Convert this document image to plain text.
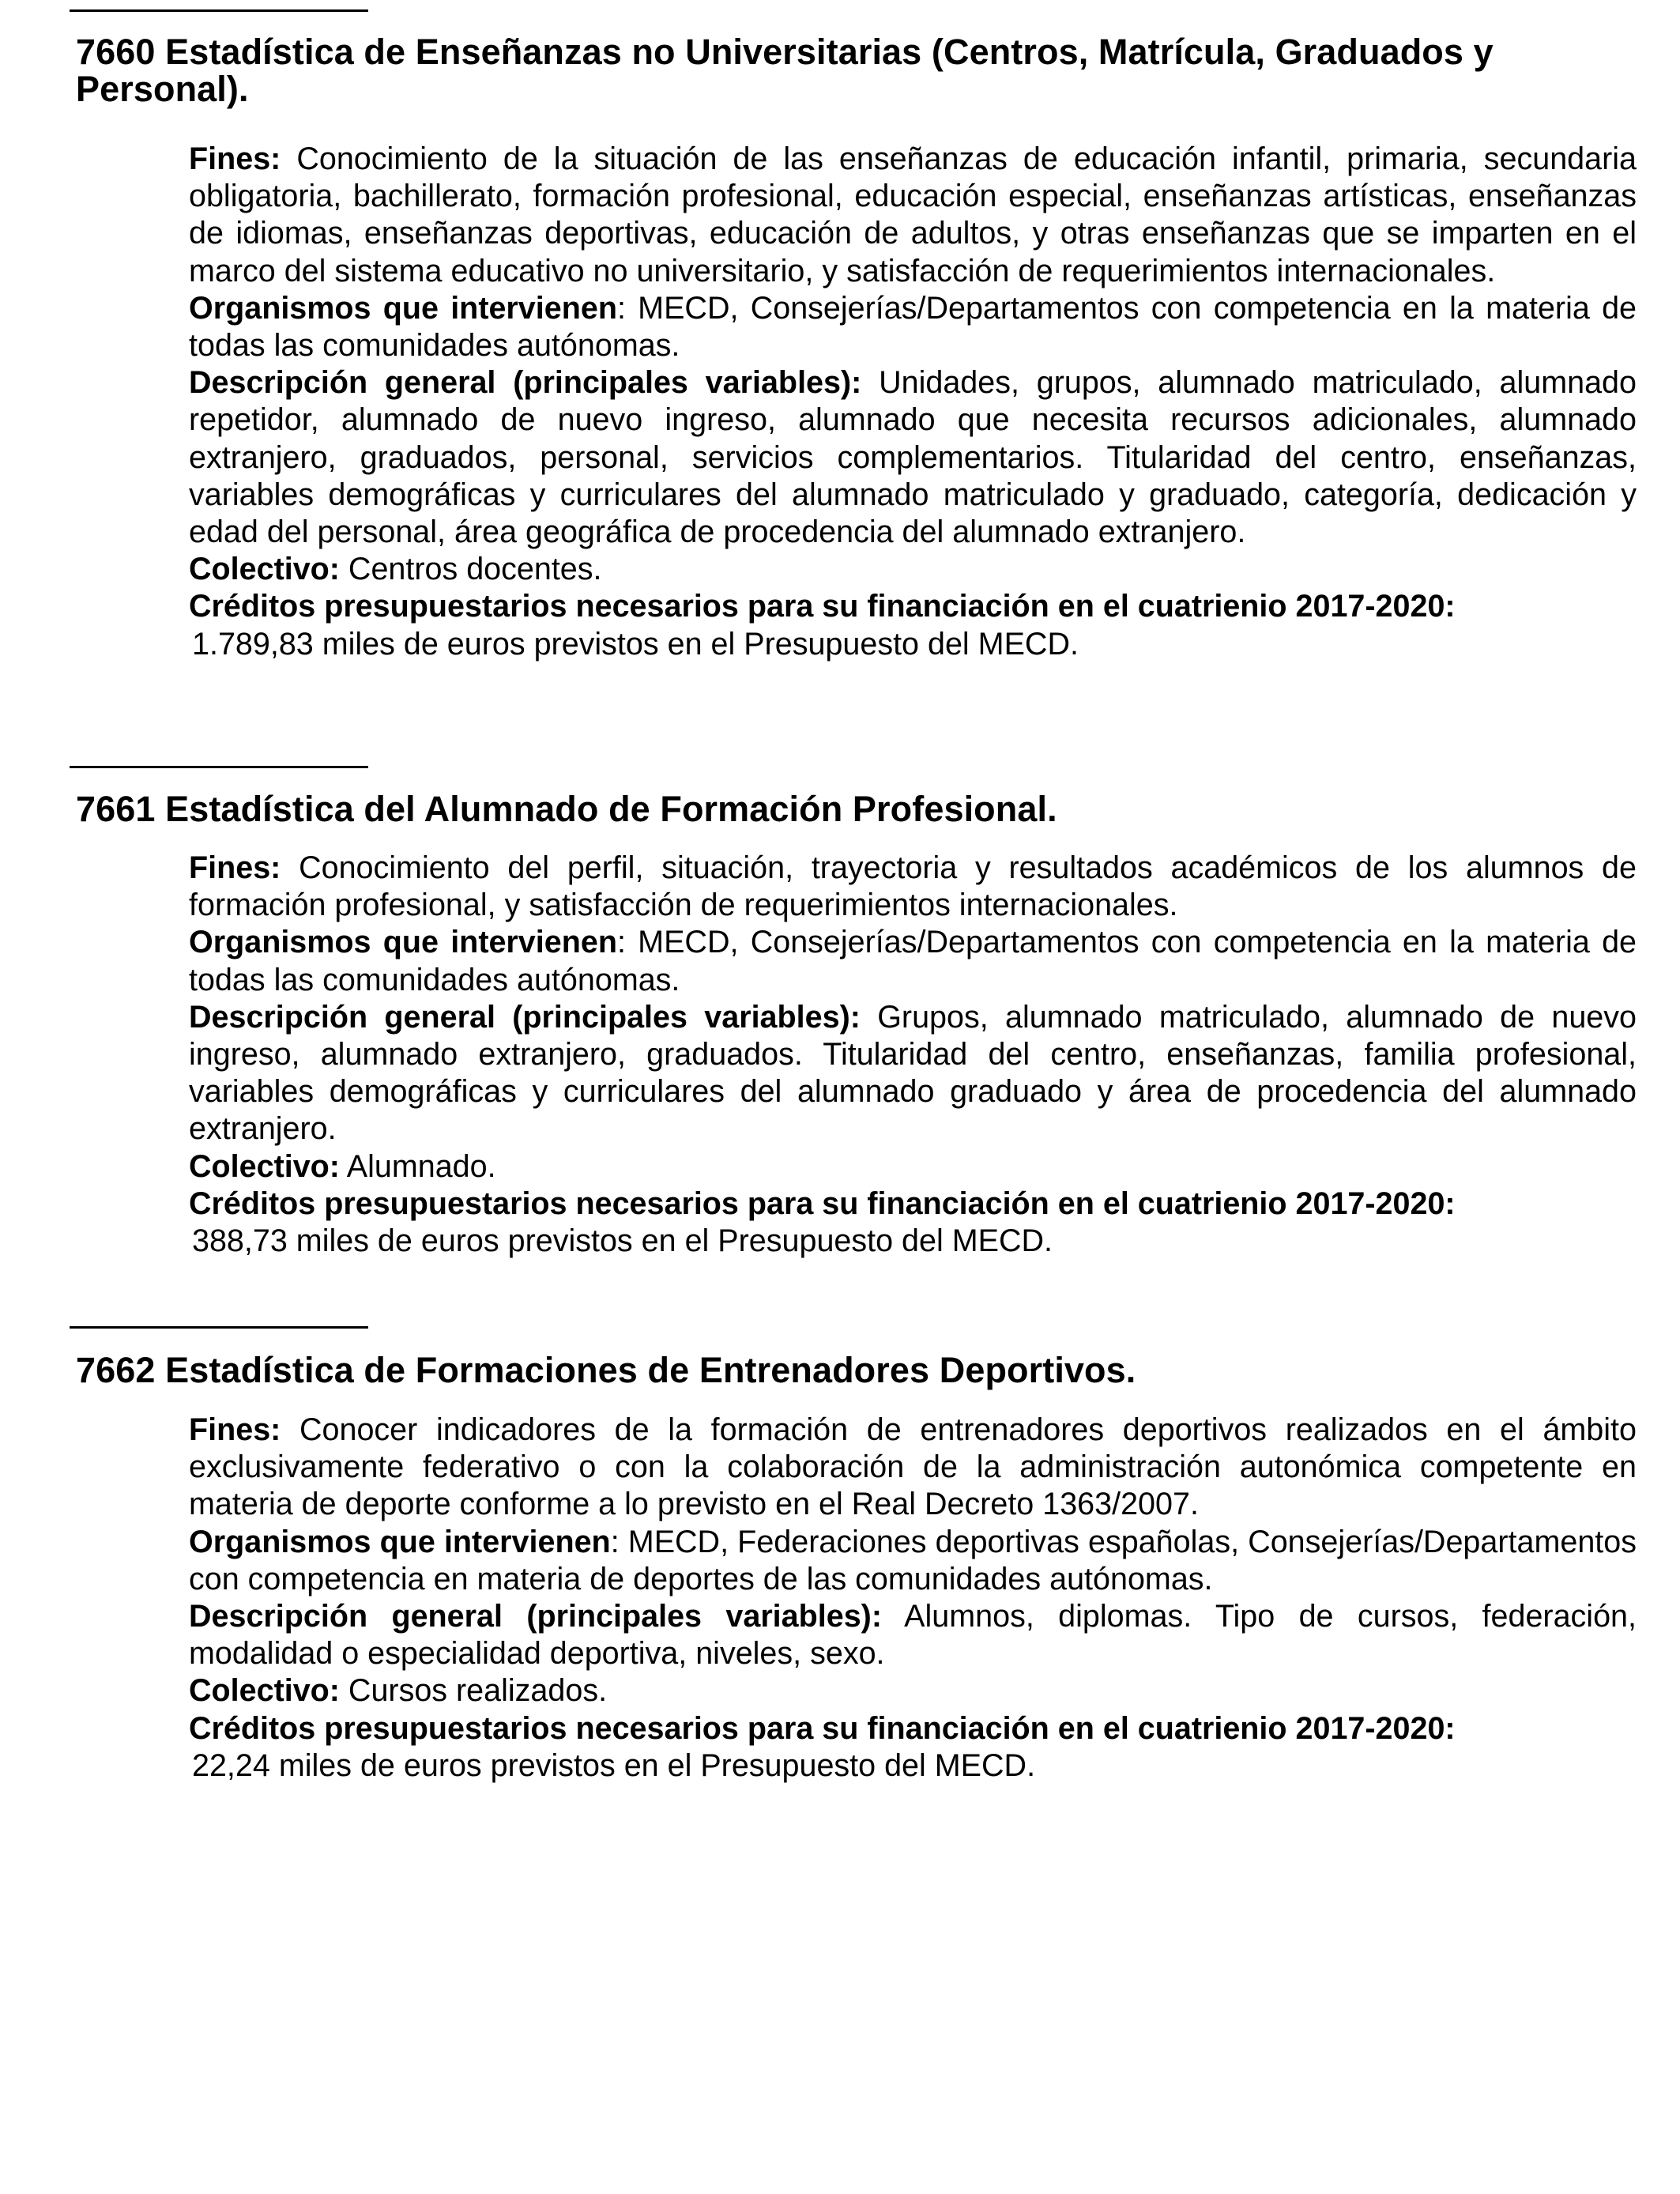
7660 Estadística de Enseñanzas no Universitarias (Centros, Matrícula, Graduados y Personal).

Fines: Conocimiento de la situación de las enseñanzas de educación infantil, primaria, secundaria obligatoria, bachillerato, formación profesional, educación especial, enseñanzas artísticas, enseñanzas de idiomas, enseñanzas deportivas, educación de adultos, y otras enseñanzas que se imparten en el marco del sistema educativo no universitario, y satisfacción de requerimientos internacionales.

Organismos que intervienen: MECD, Consejerías/Departamentos con competencia en la materia de todas las comunidades autónomas.

Descripción general (principales variables): Unidades, grupos, alumnado matriculado, alumnado repetidor, alumnado de nuevo ingreso, alumnado que necesita recursos adicionales, alumnado extranjero, graduados, personal, servicios complementarios. Titularidad del centro, enseñanzas, variables demográficas y curriculares del alumnado matriculado y graduado, categoría, dedicación y edad del personal, área geográfica de procedencia del alumnado extranjero.

Colectivo: Centros docentes.

Créditos presupuestarios necesarios para su financiación en el cuatrienio 2017-2020:

1.789,83 miles de euros previstos en el Presupuesto del MECD.

7661 Estadística del Alumnado de Formación Profesional.

Fines: Conocimiento del perfil, situación, trayectoria y resultados académicos de los alumnos de formación profesional, y satisfacción de requerimientos internacionales.

Organismos que intervienen: MECD, Consejerías/Departamentos con competencia en la materia de todas las comunidades autónomas.

Descripción general (principales variables): Grupos, alumnado matriculado, alumnado de nuevo ingreso, alumnado extranjero, graduados. Titularidad del centro, enseñanzas, familia profesional, variables demográficas y curriculares del alumnado graduado y área de procedencia del alumnado extranjero.

Colectivo: Alumnado.

Créditos presupuestarios necesarios para su financiación en el cuatrienio 2017-2020:

388,73 miles de euros previstos en el Presupuesto del MECD.

7662 Estadística de Formaciones de Entrenadores Deportivos.

Fines: Conocer indicadores de la formación de entrenadores deportivos realizados en el ámbito exclusivamente federativo o con la colaboración de la administración autonómica competente en materia de deporte conforme a lo previsto en el Real Decreto 1363/2007.

Organismos que intervienen: MECD, Federaciones deportivas españolas, Consejerías/Departamentos con competencia en materia de deportes de las comunidades autónomas.

Descripción general (principales variables): Alumnos, diplomas. Tipo de cursos, federación, modalidad o especialidad deportiva, niveles, sexo.

Colectivo: Cursos realizados.

Créditos presupuestarios necesarios para su financiación en el cuatrienio 2017-2020:

22,24 miles de euros previstos en el Presupuesto del MECD.
